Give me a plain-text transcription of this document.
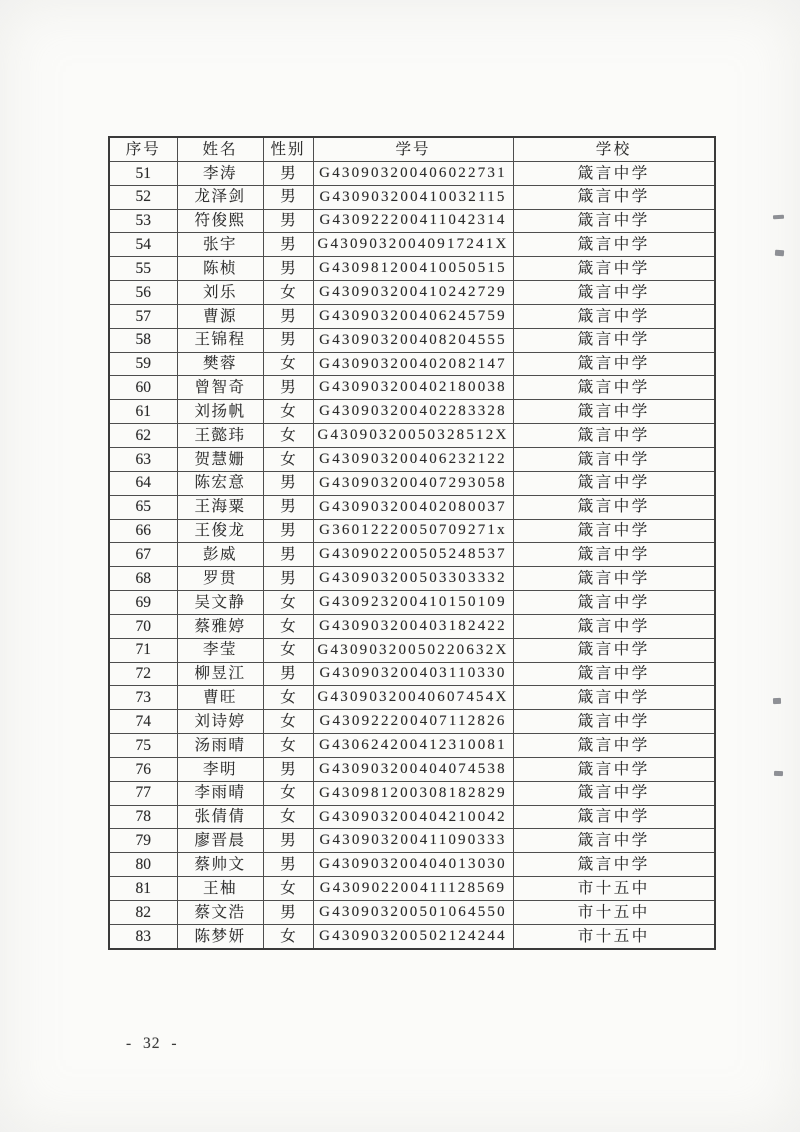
序号	姓名	性别	学号	学校
51	李涛	男	G430903200406022731	箴言中学
52	龙泽剑	男	G430903200410032115	箴言中学
53	符俊熙	男	G430922200411042314	箴言中学
54	张宇	男	G43090320040917241X	箴言中学
55	陈桢	男	G430981200410050515	箴言中学
56	刘乐	女	G430903200410242729	箴言中学
57	曹源	男	G430903200406245759	箴言中学
58	王锦程	男	G430903200408204555	箴言中学
59	樊蓉	女	G430903200402082147	箴言中学
60	曾智奇	男	G430903200402180038	箴言中学
61	刘扬帆	女	G430903200402283328	箴言中学
62	王懿玮	女	G43090320050328512X	箴言中学
63	贺慧姗	女	G430903200406232122	箴言中学
64	陈宏意	男	G430903200407293058	箴言中学
65	王海粟	男	G430903200402080037	箴言中学
66	王俊龙	男	G36012220050709271x	箴言中学
67	彭威	男	G430902200505248537	箴言中学
68	罗贯	男	G430903200503303332	箴言中学
69	吴文静	女	G430923200410150109	箴言中学
70	蔡雅婷	女	G430903200403182422	箴言中学
71	李莹	女	G43090320050220632X	箴言中学
72	柳昱江	男	G430903200403110330	箴言中学
73	曹旺	女	G43090320040607454X	箴言中学
74	刘诗婷	女	G430922200407112826	箴言中学
75	汤雨晴	女	G430624200412310081	箴言中学
76	李明	男	G430903200404074538	箴言中学
77	李雨晴	女	G430981200308182829	箴言中学
78	张倩倩	女	G430903200404210042	箴言中学
79	廖晋晨	男	G430903200411090333	箴言中学
80	蔡帅文	男	G430903200404013030	箴言中学
81	王柚	女	G430902200411128569	市十五中
82	蔡文浩	男	G430903200501064550	市十五中
83	陈梦妍	女	G430903200502124244	市十五中
- 32 -
